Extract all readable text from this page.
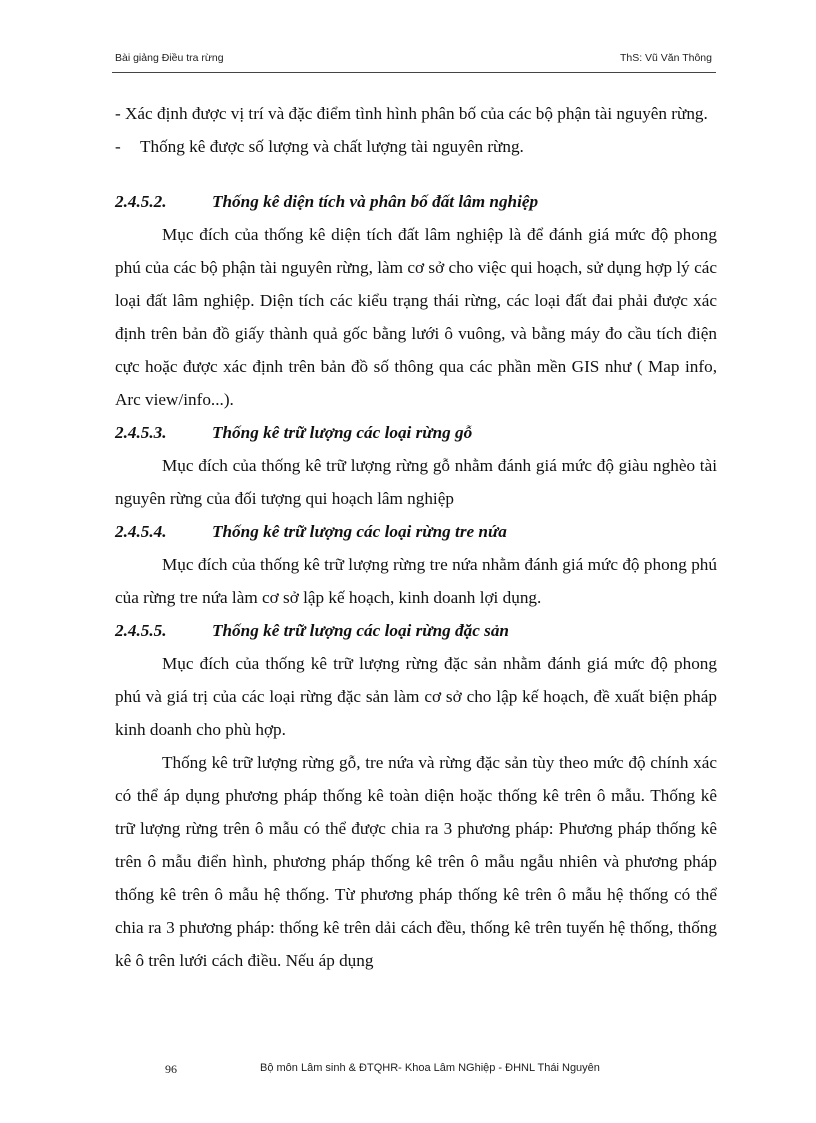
Bài giảng Điều tra rừng	ThS: Vũ Văn Thông

- Xác định được vị trí và đặc điểm tình hình phân bố của các bộ phận tài nguyên rừng.

- Thống kê được số lượng và chất lượng tài nguyên rừng.

2.4.5.2.	Thống kê diện tích và phân bố đất lâm nghiệp

Mục đích của thống kê diện tích đất lâm nghiệp là để đánh giá mức độ phong phú của các bộ phận tài nguyên rừng, làm cơ sở cho việc qui hoạch, sử dụng hợp lý các loại đất lâm nghiệp. Diện tích các kiểu trạng thái rừng, các loại đất đai phải được xác định trên bản đồ giấy thành quả gốc bằng lưới ô vuông, và bằng máy đo cầu tích điện cực hoặc được xác định trên bản đồ số thông qua các phần mền GIS như ( Map info, Arc view/info...).

2.4.5.3.	Thống kê trữ lượng các loại rừng gỗ

Mục đích của thống kê trữ lượng rừng gỗ nhằm đánh giá mức độ giàu nghèo tài nguyên rừng của đối tượng qui hoạch lâm nghiệp

2.4.5.4.	Thống kê trữ lượng các loại rừng tre nứa

Mục đích của thống kê trữ lượng rừng tre nứa nhằm đánh giá mức độ phong phú của rừng tre nứa làm cơ sở lập kế hoạch, kinh doanh lợi dụng.

2.4.5.5.	Thống kê trữ lượng các loại rừng đặc sản

Mục đích của thống kê trữ lượng rừng đặc sản nhằm đánh giá mức độ phong phú và giá trị của các loại rừng đặc sản làm cơ sở cho lập kế hoạch, đề xuất biện pháp kinh doanh cho phù hợp.

Thống kê trữ lượng rừng gỗ, tre nứa và rừng đặc sản tùy theo mức độ chính xác có thể áp dụng phương pháp thống kê toàn diện hoặc thống kê trên ô mẫu. Thống kê trữ lượng rừng trên ô mẫu có thể được chia ra 3 phương pháp: Phương pháp thống kê trên ô mẫu điển hình, phương pháp thống kê trên ô mẫu ngẫu nhiên và phương pháp thống kê trên ô mẫu hệ thống. Từ phương pháp thống kê trên ô mẫu hệ thống có thể chia ra 3 phương pháp: thống kê trên dải cách đều, thống kê trên tuyến hệ thống, thống kê ô trên lưới cách điều. Nếu áp dụng

96	Bộ môn Lâm sinh & ĐTQHR- Khoa Lâm NGhiệp - ĐHNL Thái Nguyên
